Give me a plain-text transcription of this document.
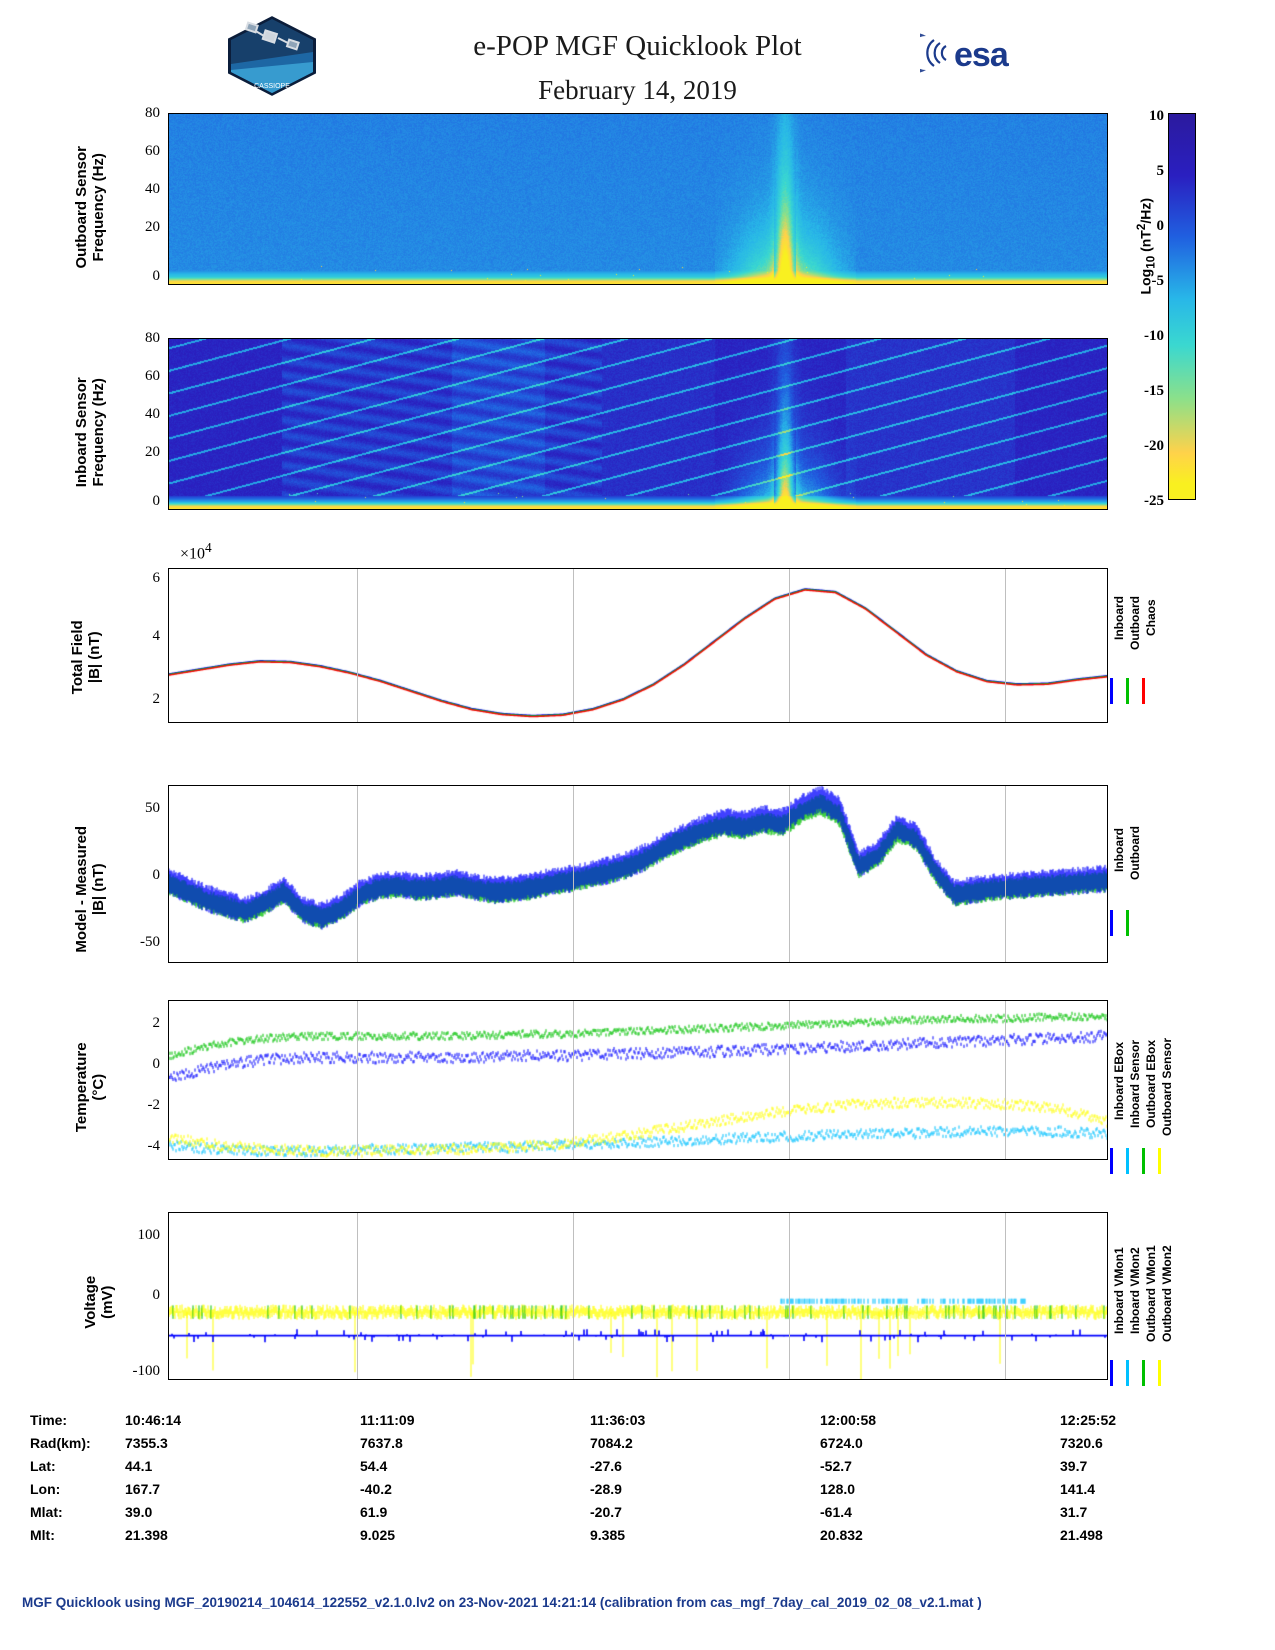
CASSIOPE
e-POP MGF Quicklook Plot
February 14, 2019
esa
10
5
0
-5
-10
-15
-20
-25
Log$_{10}$ $(nT^2/Hz)$
Outboard Sensor
Frequency (Hz)
80
60
40
20
0
Inboard Sensor
Frequency (Hz)
80
60
40
20
0
Total Field
|B| (nT)
$\times 10^4$
6
4
2
Inboard Outboard Chaos
Model - Measured
|B| (nT)
50
0
-50
Inboard Outboard
Temperature
(°C)
2
0
-2
-4
Inboard EBox Inboard Sensor Outboard EBox Outboard Sensor
Voltage
(mV)
100
0
-100
Inboard VMon1 Inboard VMon2 Outboard VMon1 Outboard VMon2
Time:	10:46:14	11:11:09	11:36:03	12:00:58	12:25:52
Rad(km):	7355.3	7637.8	7084.2	6724.0	7320.6
Lat:	44.1	54.4	-27.6	-52.7	39.7
Lon:	167.7	-40.2	-28.9	128.0	141.4
Mlat:	39.0	61.9	-20.7	-61.4	31.7
Mlt:	21.398	9.025	9.385	20.832	21.498
MGF Quicklook using MGF_20190214_104614_122552_v2.1.0.lv2 on 23-Nov-2021 14:21:14 (calibration from cas_mgf_7day_cal_2019_02_08_v2.1.mat )
